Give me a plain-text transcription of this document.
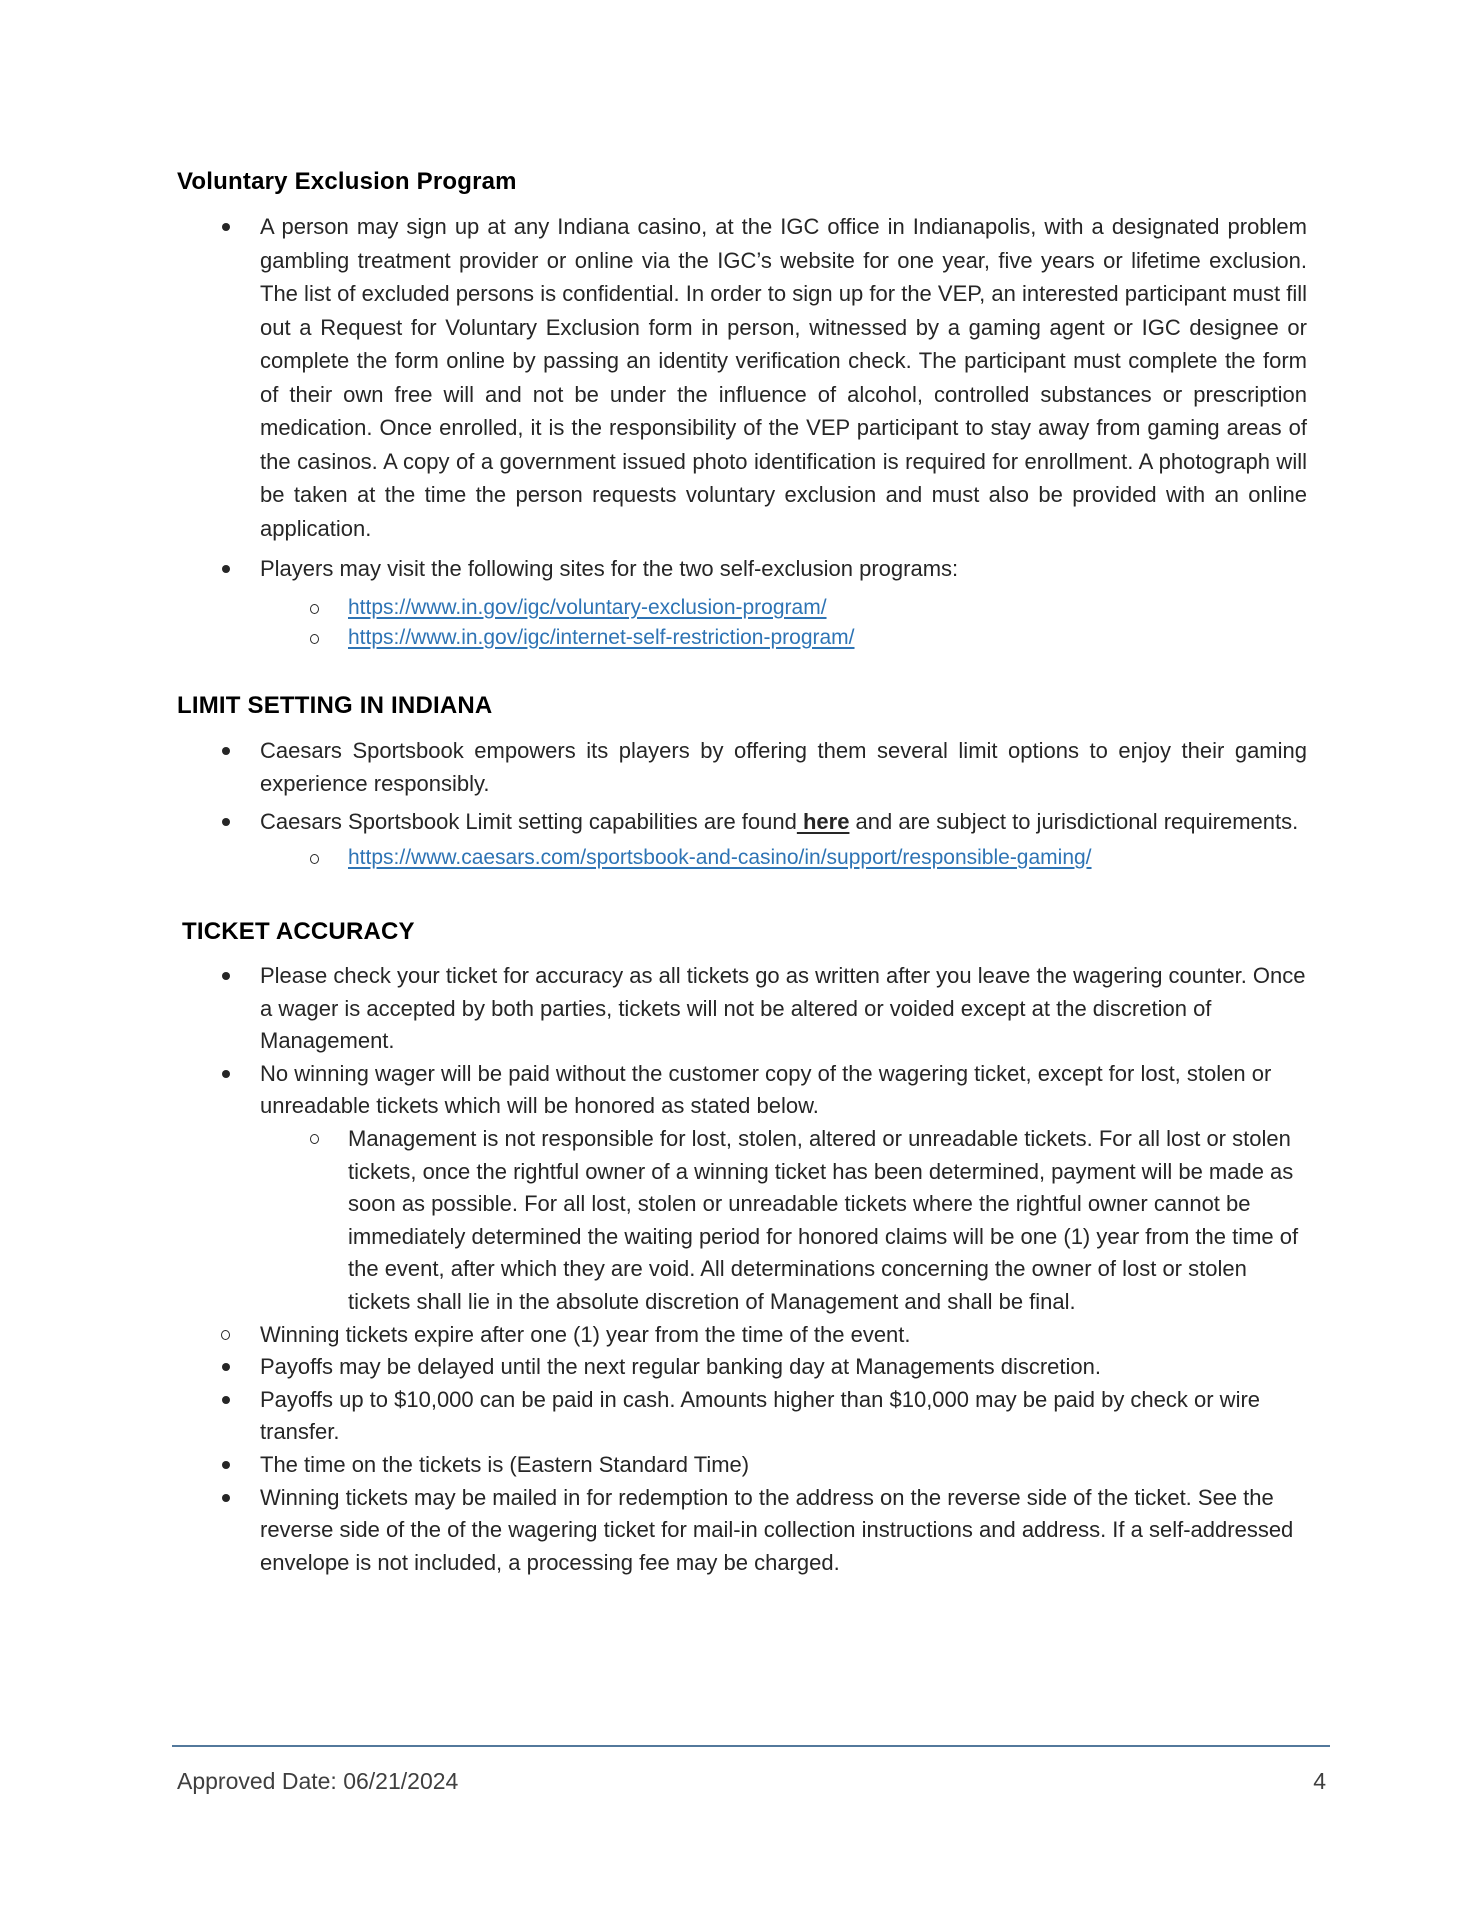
Voluntary Exclusion Program

A person may sign up at any Indiana casino, at the IGC office in Indianapolis, with a designated problem gambling treatment provider or online via the IGC’s website for one year, five years or lifetime exclusion. The list of excluded persons is confidential. In order to sign up for the VEP, an interested participant must fill out a Request for Voluntary Exclusion form in person, witnessed by a gaming agent or IGC designee or complete the form online by passing an identity verification check. The participant must complete the form of their own free will and not be under the influence of alcohol, controlled substances or prescription medication. Once enrolled, it is the responsibility of the VEP participant to stay away from gaming areas of the casinos. A copy of a government issued photo identification is required for enrollment. A photograph will be taken at the time the person requests voluntary exclusion and must also be provided with an online application.

Players may visit the following sites for the two self-exclusion programs:

https://www.in.gov/igc/voluntary-exclusion-program/

https://www.in.gov/igc/internet-self-restriction-program/

LIMIT SETTING IN INDIANA

Caesars Sportsbook empowers its players by offering them several limit options to enjoy their gaming experience responsibly.

Caesars Sportsbook Limit setting capabilities are found here and are subject to jurisdictional requirements.

https://www.caesars.com/sportsbook-and-casino/in/support/responsible-gaming/

TICKET ACCURACY

Please check your ticket for accuracy as all tickets go as written after you leave the wagering counter. Once a wager is accepted by both parties, tickets will not be altered or voided except at the discretion of Management.

No winning wager will be paid without the customer copy of the wagering ticket, except for lost, stolen or unreadable tickets which will be honored as stated below.

Management is not responsible for lost, stolen, altered or unreadable tickets. For all lost or stolen tickets, once the rightful owner of a winning ticket has been determined, payment will be made as soon as possible. For all lost, stolen or unreadable tickets where the rightful owner cannot be immediately determined the waiting period for honored claims will be one (1) year from the time of the event, after which they are void. All determinations concerning the owner of lost or stolen tickets shall lie in the absolute discretion of Management and shall be final.

Winning tickets expire after one (1) year from the time of the event.

Payoffs may be delayed until the next regular banking day at Managements discretion.

Payoffs up to $10,000 can be paid in cash. Amounts higher than $10,000 may be paid by check or wire transfer.

The time on the tickets is (Eastern Standard Time)

Winning tickets may be mailed in for redemption to the address on the reverse side of the ticket. See the reverse side of the of the wagering ticket for mail-in collection instructions and address. If a self-addressed envelope is not included, a processing fee may be charged.

Approved Date: 06/21/2024	4
